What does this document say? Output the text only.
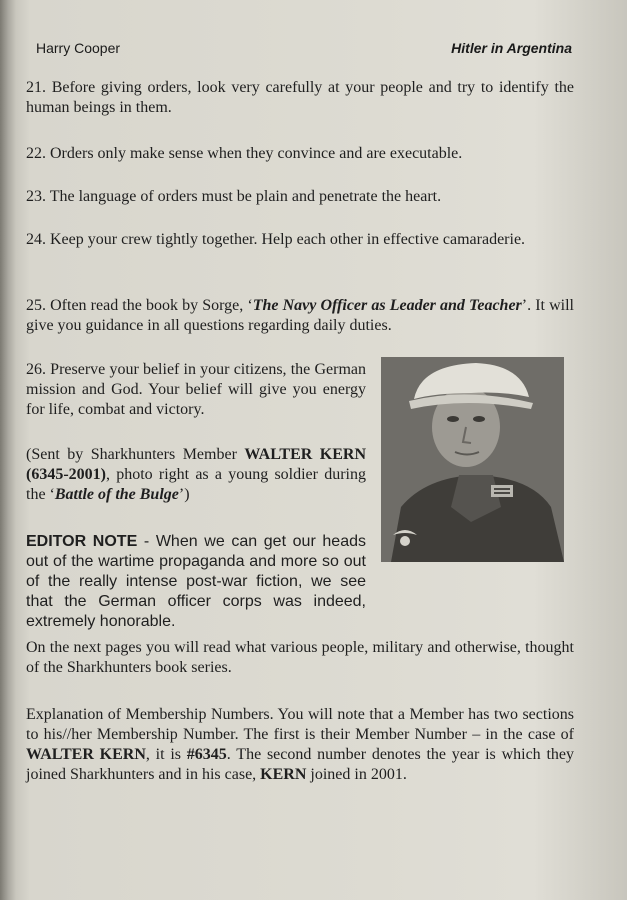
Harry Cooper	Hitler in Argentina
21. Before giving orders, look very carefully at your people and try to identify the human beings in them.
22. Orders only make sense when they convince and are executable.
23. The language of orders must be plain and penetrate the heart.
24. Keep your crew tightly together. Help each other in effective camaraderie.
25. Often read the book by Sorge, ‘The Navy Officer as Leader and Teacher’. It will give you guidance in all questions regarding daily duties.
26. Preserve your belief in your citizens, the German mission and God. Your belief will give you energy for life, combat and victory.
(Sent by Sharkhunters Member WALTER KERN (6345-2001), photo right as a young soldier during the ‘Battle of the Bulge’)
EDITOR NOTE - When we can get our heads out of the wartime propaganda and more so out of the really intense post-war fiction, we see that the German officer corps was indeed, extremely honorable.
On the next pages you will read what various people, military and otherwise, thought of the Sharkhunters book series.
Explanation of Membership Numbers. You will note that a Member has two sections to his//her Membership Number. The first is their Member Number – in the case of WALTER KERN, it is #6345. The second number denotes the year is which they joined Sharkhunters and in his case, KERN joined in 2001.
